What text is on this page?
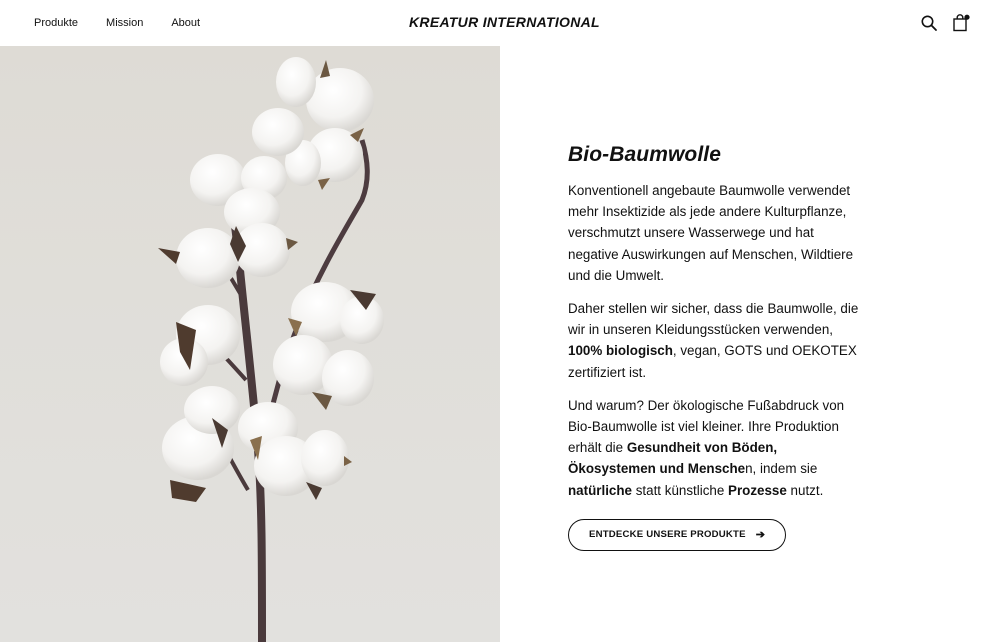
Produkte	Mission	About	KREATUR INTERNATIONAL
Bio-Baumwolle

Konventionell angebaute Baumwolle verwendet mehr Insektizide als jede andere Kulturpflanze, verschmutzt unsere Wasserwege und hat negative Auswirkungen auf Menschen, Wildtiere und die Umwelt.

Daher stellen wir sicher, dass die Baumwolle, die wir in unseren Kleidungsstücken verwenden, 100% biologisch, vegan, GOTS und OEKOTEX zertifiziert ist.

Und warum? Der ökologische Fußabdruck von Bio-Baumwolle ist viel kleiner. Ihre Produktion erhält die Gesundheit von Böden, Ökosystemen und Menschen, indem sie natürliche statt künstliche Prozesse nutzt.

ENTDECKE UNSERE PRODUKTE ➔
